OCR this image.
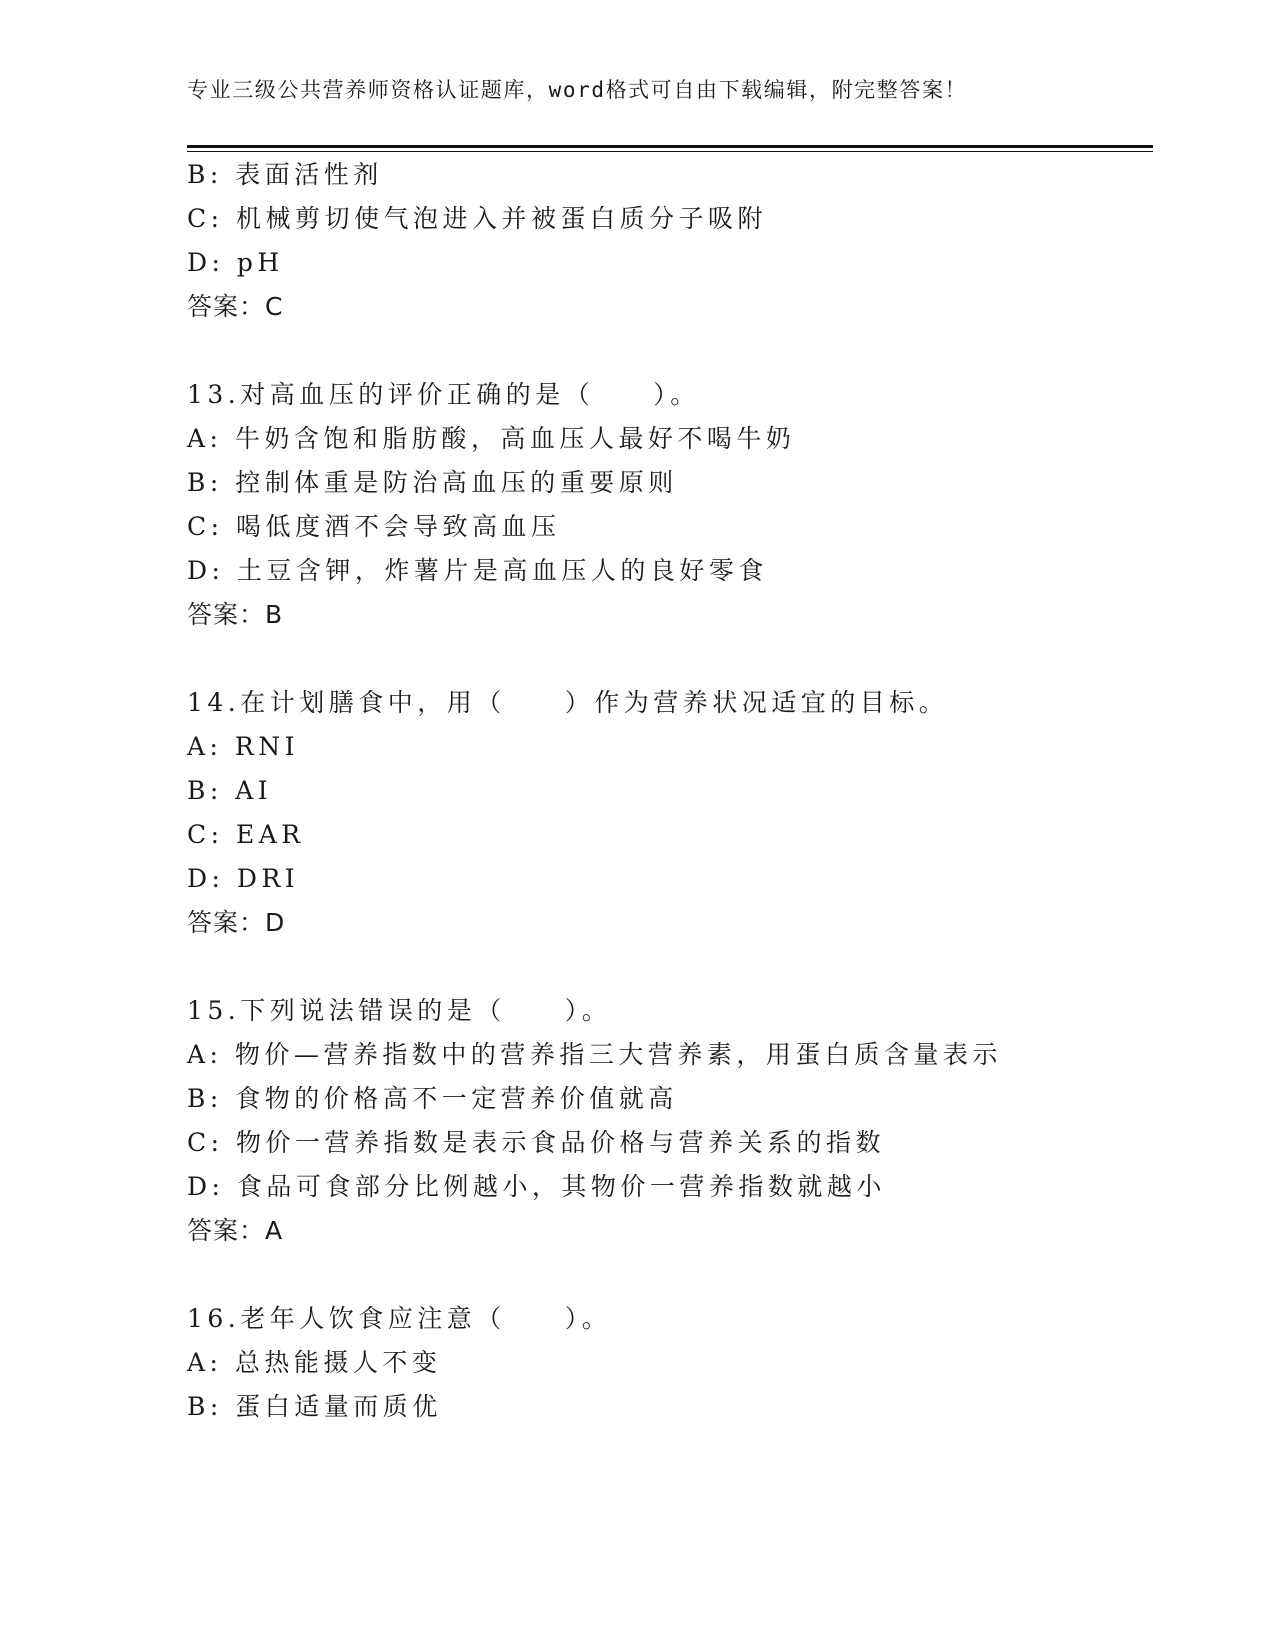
专业三级公共营养师资格认证题库，word格式可自由下载编辑，附完整答案！
B: 表面活性剂
C: 机械剪切使气泡进入并被蛋白质分子吸附
D: pH
答案：C
13.对高血压的评价正确的是（　　）。
A: 牛奶含饱和脂肪酸，高血压人最好不喝牛奶
B: 控制体重是防治高血压的重要原则
C: 喝低度酒不会导致高血压
D: 土豆含钾，炸薯片是高血压人的良好零食
答案：B
14.在计划膳食中，用（　　）作为营养状况适宜的目标。
A: RNI
B: AI
C: EAR
D: DRI
答案：D
15.下列说法错误的是（　　）。
A: 物价—营养指数中的营养指三大营养素，用蛋白质含量表示
B: 食物的价格高不一定营养价值就高
C: 物价一营养指数是表示食品价格与营养关系的指数
D: 食品可食部分比例越小，其物价一营养指数就越小
答案：A
16.老年人饮食应注意（　　）。
A: 总热能摄人不变
B: 蛋白适量而质优
